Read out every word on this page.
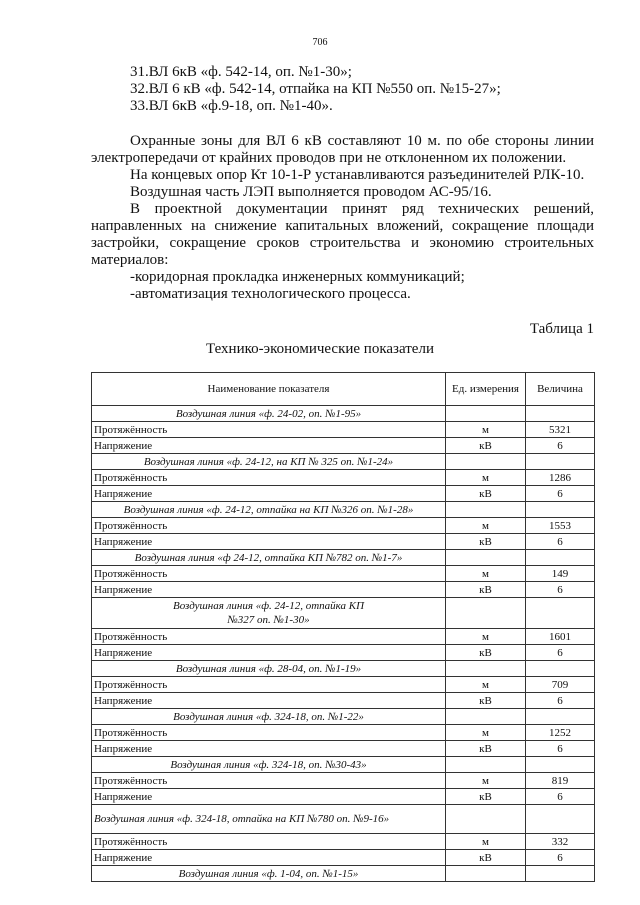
706
31.ВЛ 6кВ «ф. 542-14, оп. №1-30»;
32.ВЛ 6 кВ «ф. 542-14, отпайка на КП №550 оп. №15-27»;
33.ВЛ 6кВ «ф.9-18, оп. №1-40».
Охранные зоны для ВЛ 6 кВ составляют 10 м. по обе стороны линии электропередачи от крайних проводов при не отклоненном их положении.
На концевых опор Кт 10-1-Р устанавливаются разъединителей РЛК-10.
Воздушная часть ЛЭП выполняется проводом АС-95/16.
В проектной документации принят ряд технических решений, направленных на снижение капитальных вложений, сокращение площади застройки, сокращение сроков строительства и экономию строительных материалов:
-коридорная прокладка инженерных коммуникаций;
-автоматизация технологического процесса.
Таблица 1
Технико-экономические показатели
Наименование показателя	Ед. измерения	Величина
Воздушная линия «ф. 24-02, оп. №1-95»		
Протяжённость	м	5321
Напряжение	кВ	6
Воздушная линия «ф. 24-12, на КП № 325 оп. №1-24»		
Протяжённость	м	1286
Напряжение	кВ	6
Воздушная линия «ф. 24-12, отпайка на КП №326 оп. №1-28»		
Протяжённость	м	1553
Напряжение	кВ	6
Воздушная линия «ф 24-12, отпайка КП №782 оп. №1-7»		
Протяжённость	м	149
Напряжение	кВ	6
Воздушная линия «ф. 24-12, отпайка КП №327 оп. №1-30»		
Протяжённость	м	1601
Напряжение	кВ	6
Воздушная линия «ф. 28-04, оп. №1-19»		
Протяжённость	м	709
Напряжение	кВ	6
Воздушная линия «ф. 324-18, оп. №1-22»		
Протяжённость	м	1252
Напряжение	кВ	6
Воздушная линия «ф. 324-18, оп. №30-43»		
Протяжённость	м	819
Напряжение	кВ	6
Воздушная линия «ф. 324-18, отпайка на КП №780 оп. №9-16»		
Протяжённость	м	332
Напряжение	кВ	6
Воздушная линия «ф. 1-04, оп. №1-15»		
